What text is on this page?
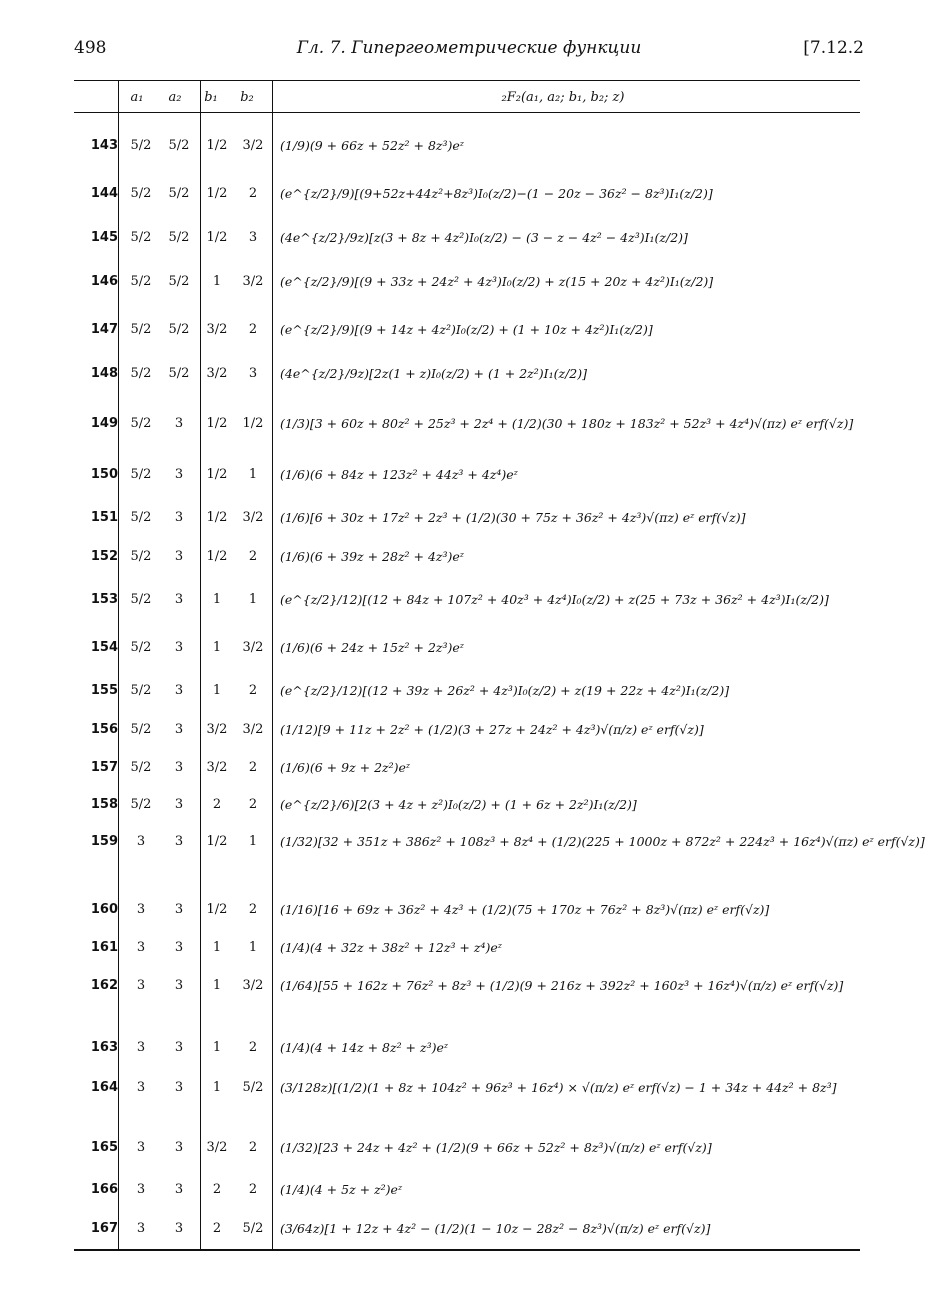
498	Гл. 7. Гипергеометрические функции	[7.12.2
	a₁	a₂	b₁	b₂	₂F₂(a₁, a₂; b₁, b₂; z)
143 5/2	5/2	1/2	3/2	(1/9)(9 + 66z + 52z² + 8z³)eᶻ
144 5/2	5/2	1/2	2	(e^{z/2}/9)[(9+52z+44z²+8z³)I₀(z/2)−(1 − 20z − 36z² − 8z³)I₁(z/2)]
145 5/2	5/2	1/2	3	(4e^{z/2}/9z)[z(3 + 8z + 4z²)I₀(z/2) − (3 − z − 4z² − 4z³)I₁(z/2)]
146 5/2	5/2	1	3/2	(e^{z/2}/9)[(9 + 33z + 24z² + 4z³)I₀(z/2) + z(15 + 20z + 4z²)I₁(z/2)]
147 5/2	5/2	3/2	2	(e^{z/2}/9)[(9 + 14z + 4z²)I₀(z/2) + (1 + 10z + 4z²)I₁(z/2)]
148 5/2	5/2	3/2	3	(4e^{z/2}/9z)[2z(1 + z)I₀(z/2) + (1 + 2z²)I₁(z/2)]
149 5/2	3	1/2	1/2	(1/3)[3 + 60z + 80z² + 25z³ + 2z⁴ + (1/2)(30 + 180z + 183z² + 52z³ + 4z⁴)√(πz) eᶻ erf(√z)]
150 5/2	3	1/2	1	(1/6)(6 + 84z + 123z² + 44z³ + 4z⁴)eᶻ
151 5/2	3	1/2	3/2	(1/6)[6 + 30z + 17z² + 2z³ + (1/2)(30 + 75z + 36z² + 4z³)√(πz) eᶻ erf(√z)]
152 5/2	3	1/2	2	(1/6)(6 + 39z + 28z² + 4z³)eᶻ
153 5/2	3	1	1	(e^{z/2}/12)[(12 + 84z + 107z² + 40z³ + 4z⁴)I₀(z/2) + z(25 + 73z + 36z² + 4z³)I₁(z/2)]
154 5/2	3	1	3/2	(1/6)(6 + 24z + 15z² + 2z³)eᶻ
155 5/2	3	1	2	(e^{z/2}/12)[(12 + 39z + 26z² + 4z³)I₀(z/2) + z(19 + 22z + 4z²)I₁(z/2)]
156 5/2	3	3/2	3/2	(1/12)[9 + 11z + 2z² + (1/2)(3 + 27z + 24z² + 4z³)√(π/z) eᶻ erf(√z)]
157 5/2	3	3/2	2	(1/6)(6 + 9z + 2z²)eᶻ
158 5/2	3	2	2	(e^{z/2}/6)[2(3 + 4z + z²)I₀(z/2) + (1 + 6z + 2z²)I₁(z/2)]
159	3	3	1/2	1	(1/32)[32 + 351z + 386z² + 108z³ + 8z⁴ + (1/2)(225 + 1000z + 872z² + 224z³ + 16z⁴)√(πz) eᶻ erf(√z)]
160	3	3	1/2	2	(1/16)[16 + 69z + 36z² + 4z³ + (1/2)(75 + 170z + 76z² + 8z³)√(πz) eᶻ erf(√z)]
161	3	3	1	1	(1/4)(4 + 32z + 38z² + 12z³ + z⁴)eᶻ
162	3	3	1	3/2	(1/64)[55 + 162z + 76z² + 8z³ + (1/2)(9 + 216z + 392z² + 160z³ + 16z⁴)√(π/z) eᶻ erf(√z)]
163	3	3	1	2	(1/4)(4 + 14z + 8z² + z³)eᶻ
164	3	3	1	5/2	(3/128z)[(1/2)(1 + 8z + 104z² + 96z³ + 16z⁴) × √(π/z) eᶻ erf(√z) − 1 + 34z + 44z² + 8z³]
165	3	3	3/2	2	(1/32)[23 + 24z + 4z² + (1/2)(9 + 66z + 52z² + 8z³)√(π/z) eᶻ erf(√z)]
166	3	3	2	2	(1/4)(4 + 5z + z²)eᶻ
167	3	3	2	5/2	(3/64z)[1 + 12z + 4z² − (1/2)(1 − 10z − 28z² − 8z³)√(π/z) eᶻ erf(√z)]
